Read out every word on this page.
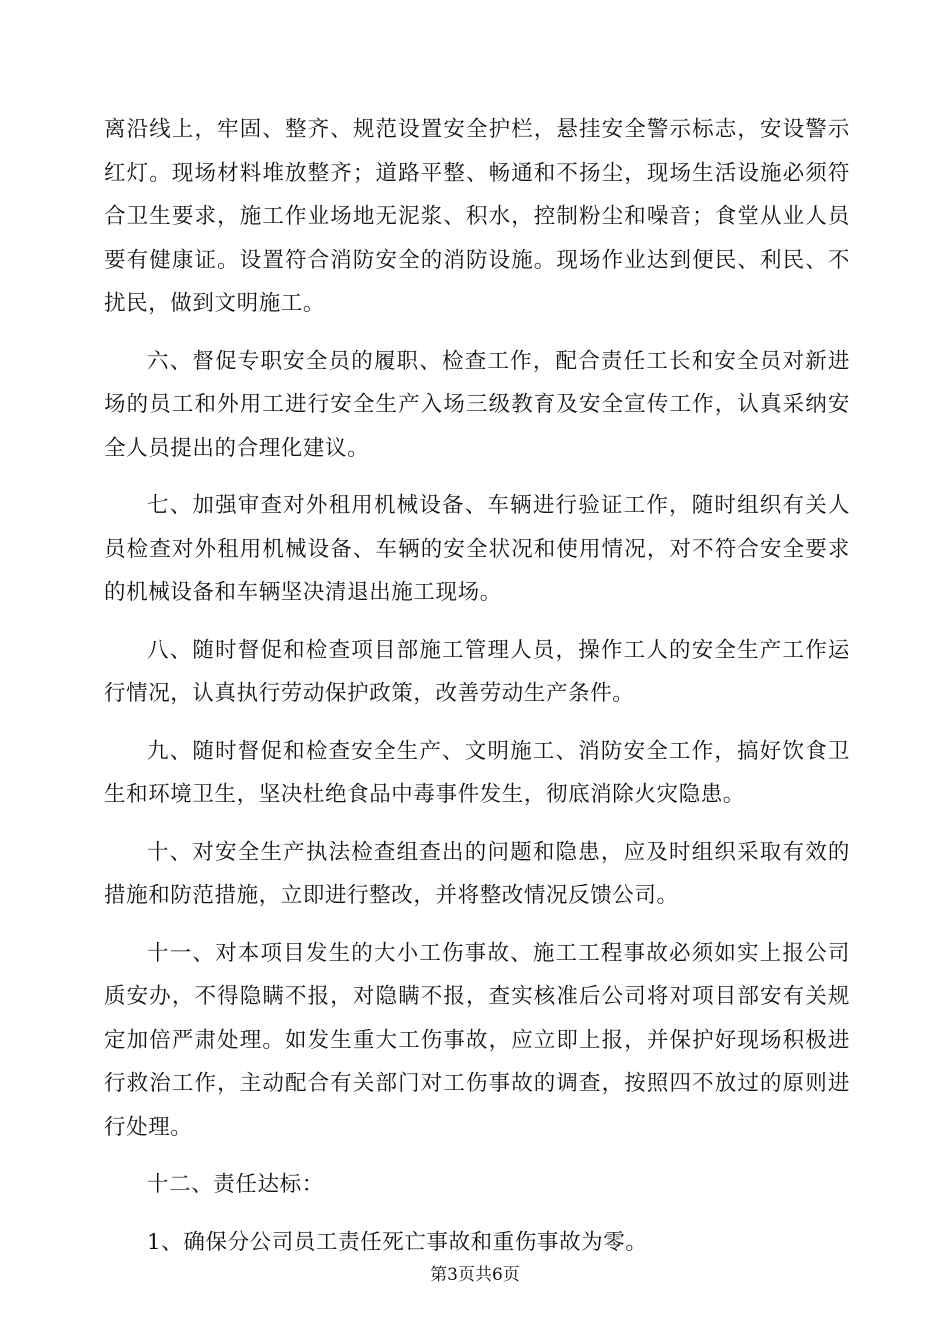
离沿线上，牢固、整齐、规范设置安全护栏，悬挂安全警示标志，安设警示红灯。现场材料堆放整齐；道路平整、畅通和不扬尘，现场生活设施必须符合卫生要求，施工作业场地无泥浆、积水，控制粉尘和噪音；食堂从业人员要有健康证。设置符合消防安全的消防设施。现场作业达到便民、利民、不扰民，做到文明施工。

六、督促专职安全员的履职、检查工作，配合责任工长和安全员对新进场的员工和外用工进行安全生产入场三级教育及安全宣传工作，认真采纳安全人员提出的合理化建议。

七、加强审查对外租用机械设备、车辆进行验证工作，随时组织有关人员检查对外租用机械设备、车辆的安全状况和使用情况，对不符合安全要求的机械设备和车辆坚决清退出施工现场。

八、随时督促和检查项目部施工管理人员，操作工人的安全生产工作运行情况，认真执行劳动保护政策，改善劳动生产条件。

九、随时督促和检查安全生产、文明施工、消防安全工作，搞好饮食卫生和环境卫生，坚决杜绝食品中毒事件发生，彻底消除火灾隐患。

十、对安全生产执法检查组查出的问题和隐患，应及时组织采取有效的措施和防范措施，立即进行整改，并将整改情况反馈公司。

十一、对本项目发生的大小工伤事故、施工工程事故必须如实上报公司质安办，不得隐瞒不报，对隐瞒不报，查实核准后公司将对项目部安有关规定加倍严肃处理。如发生重大工伤事故，应立即上报，并保护好现场积极进行救治工作，主动配合有关部门对工伤事故的调查，按照四不放过的原则进行处理。

十二、责任达标：

1、确保分公司员工责任死亡事故和重伤事故为零。

第3页共6页
